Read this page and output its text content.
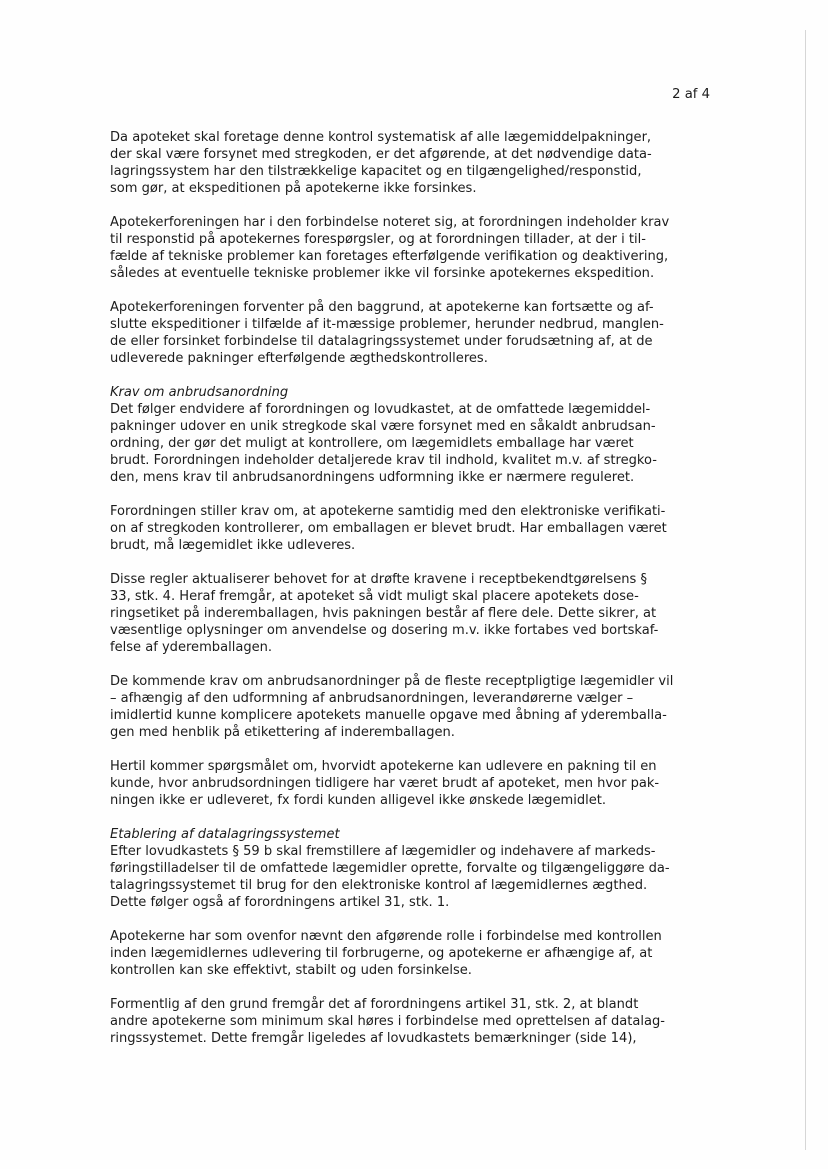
2 af 4
Da apoteket skal foretage denne kontrol systematisk af alle lægemiddelpakninger,
der skal være forsynet med stregkoden, er det afgørende, at det nødvendige data-
lagringssystem har den tilstrækkelige kapacitet og en tilgængelighed/responstid,
som gør, at ekspeditionen på apotekerne ikke forsinkes.
Apotekerforeningen har i den forbindelse noteret sig, at forordningen indeholder krav
til responstid på apotekernes forespørgsler, og at forordningen tillader, at der i til-
fælde af tekniske problemer kan foretages efterfølgende verifikation og deaktivering,
således at eventuelle tekniske problemer ikke vil forsinke apotekernes ekspedition.
Apotekerforeningen forventer på den baggrund, at apotekerne kan fortsætte og af-
slutte ekspeditioner i tilfælde af it-mæssige problemer, herunder nedbrud, manglen-
de eller forsinket forbindelse til datalagringssystemet under forudsætning af, at de
udleverede pakninger efterfølgende ægthedskontrolleres.
Krav om anbrudsanordning
Det følger endvidere af forordningen og lovudkastet, at de omfattede lægemiddel-
pakninger udover en unik stregkode skal være forsynet med en såkaldt anbrudsan-
ordning, der gør det muligt at kontrollere, om lægemidlets emballage har været
brudt. Forordningen indeholder detaljerede krav til indhold, kvalitet m.v. af stregko-
den, mens krav til anbrudsanordningens udformning ikke er nærmere reguleret.
Forordningen stiller krav om, at apotekerne samtidig med den elektroniske verifikati-
on af stregkoden kontrollerer, om emballagen er blevet brudt. Har emballagen været
brudt, må lægemidlet ikke udleveres.
Disse regler aktualiserer behovet for at drøfte kravene i receptbekendtgørelsens §
33, stk. 4. Heraf fremgår, at apoteket så vidt muligt skal placere apotekets dose-
ringsetiket på inderemballagen, hvis pakningen består af flere dele. Dette sikrer, at
væsentlige oplysninger om anvendelse og dosering m.v. ikke fortabes ved bortskaf-
felse af yderemballagen.
De kommende krav om anbrudsanordninger på de fleste receptpligtige lægemidler vil
– afhængig af den udformning af anbrudsanordningen, leverandørerne vælger –
imidlertid kunne komplicere apotekets manuelle opgave med åbning af yderemballa-
gen med henblik på etikettering af inderemballagen.
Hertil kommer spørgsmålet om, hvorvidt apotekerne kan udlevere en pakning til en
kunde, hvor anbrudsordningen tidligere har været brudt af apoteket, men hvor pak-
ningen ikke er udleveret, fx fordi kunden alligevel ikke ønskede lægemidlet.
Etablering af datalagringssystemet
Efter lovudkastets § 59 b skal fremstillere af lægemidler og indehavere af markeds-
føringstilladelser til de omfattede lægemidler oprette, forvalte og tilgængeliggøre da-
talagringssystemet til brug for den elektroniske kontrol af lægemidlernes ægthed.
Dette følger også af forordningens artikel 31, stk. 1.
Apotekerne har som ovenfor nævnt den afgørende rolle i forbindelse med kontrollen
inden lægemidlernes udlevering til forbrugerne, og apotekerne er afhængige af, at
kontrollen kan ske effektivt, stabilt og uden forsinkelse.
Formentlig af den grund fremgår det af forordningens artikel 31, stk. 2, at blandt
andre apotekerne som minimum skal høres i forbindelse med oprettelsen af datalag-
ringssystemet. Dette fremgår ligeledes af lovudkastets bemærkninger (side 14),
